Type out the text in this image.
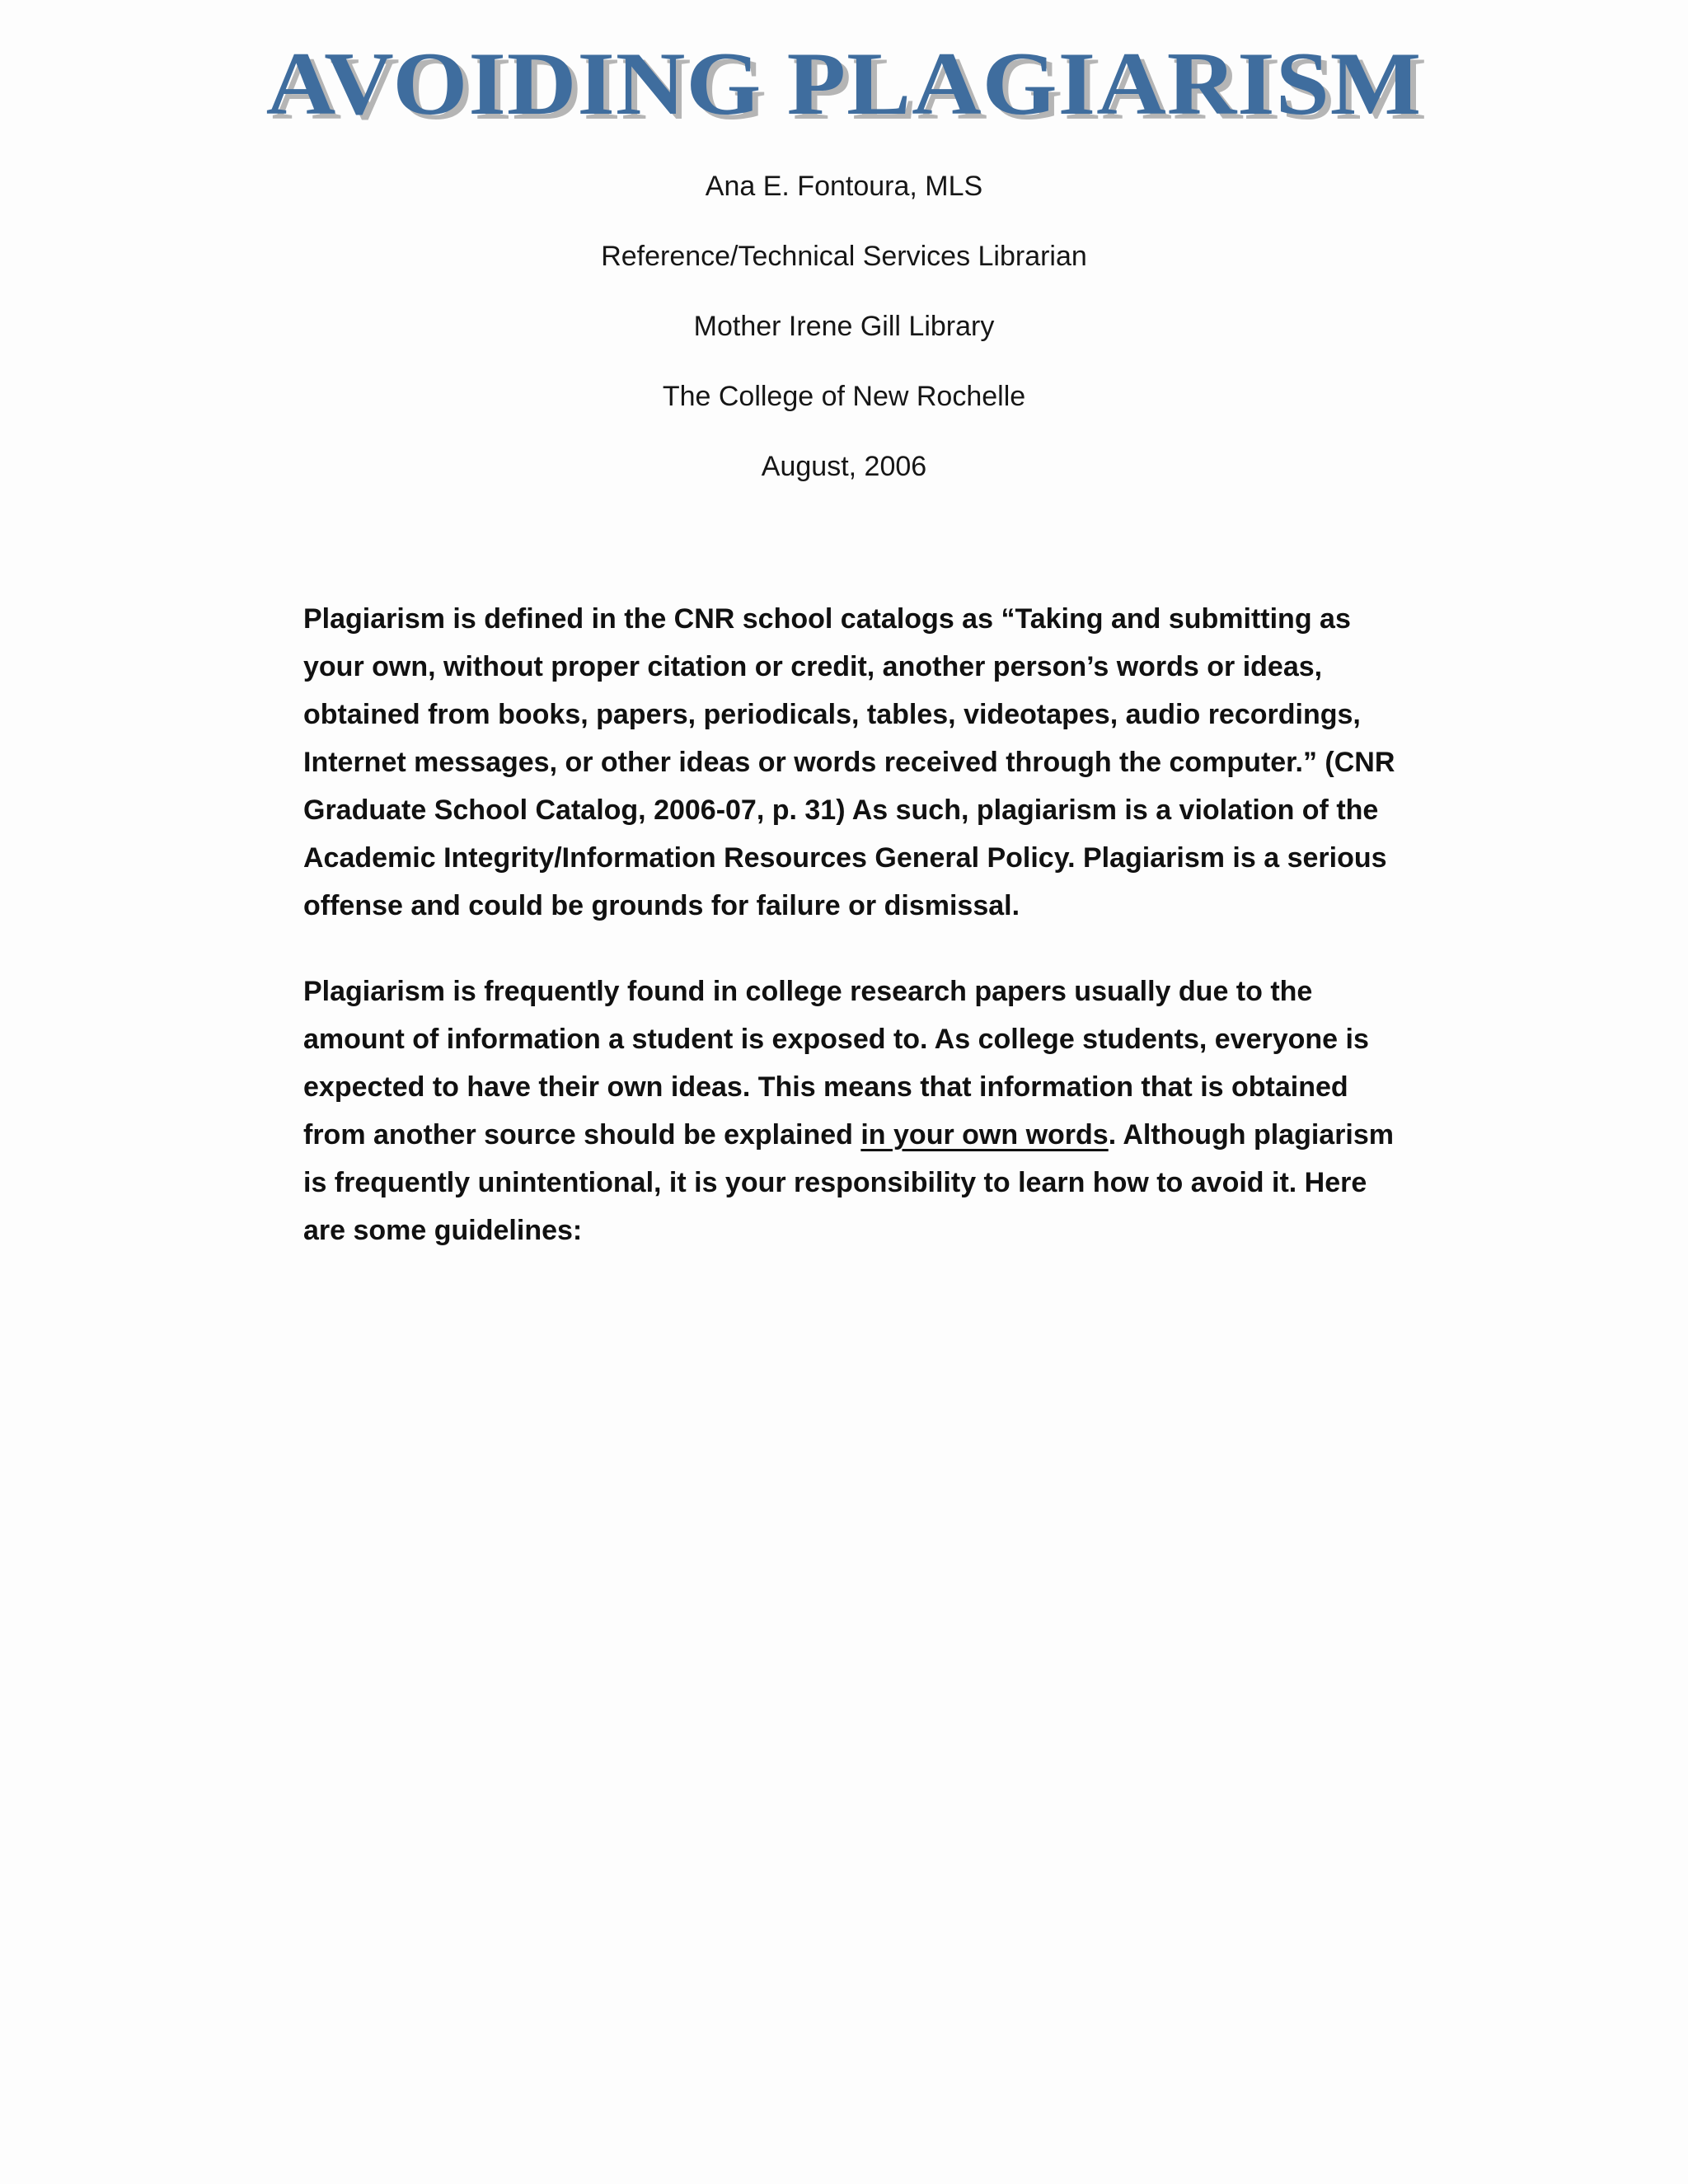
AVOIDING PLAGIARISM
Ana E. Fontoura, MLS
Reference/Technical Services Librarian
Mother Irene Gill Library
The College of New Rochelle
August, 2006
Plagiarism is defined in the CNR school catalogs as “Taking and submitting as
your own, without proper citation or credit, another person’s words or ideas,
obtained from books, papers, periodicals, tables, videotapes, audio recordings,
Internet messages, or other ideas or words received through the computer.” (CNR
Graduate School Catalog, 2006-07, p. 31) As such, plagiarism is a violation of the
Academic Integrity/Information Resources General Policy. Plagiarism is a serious
offense and could be grounds for failure or dismissal.
Plagiarism is frequently found in college research papers usually due to the
amount of information a student is exposed to. As college students, everyone is
expected to have their own ideas. This means that information that is obtained
from another source should be explained in your own words. Although plagiarism
is frequently unintentional, it is your responsibility to learn how to avoid it. Here
are some guidelines:
